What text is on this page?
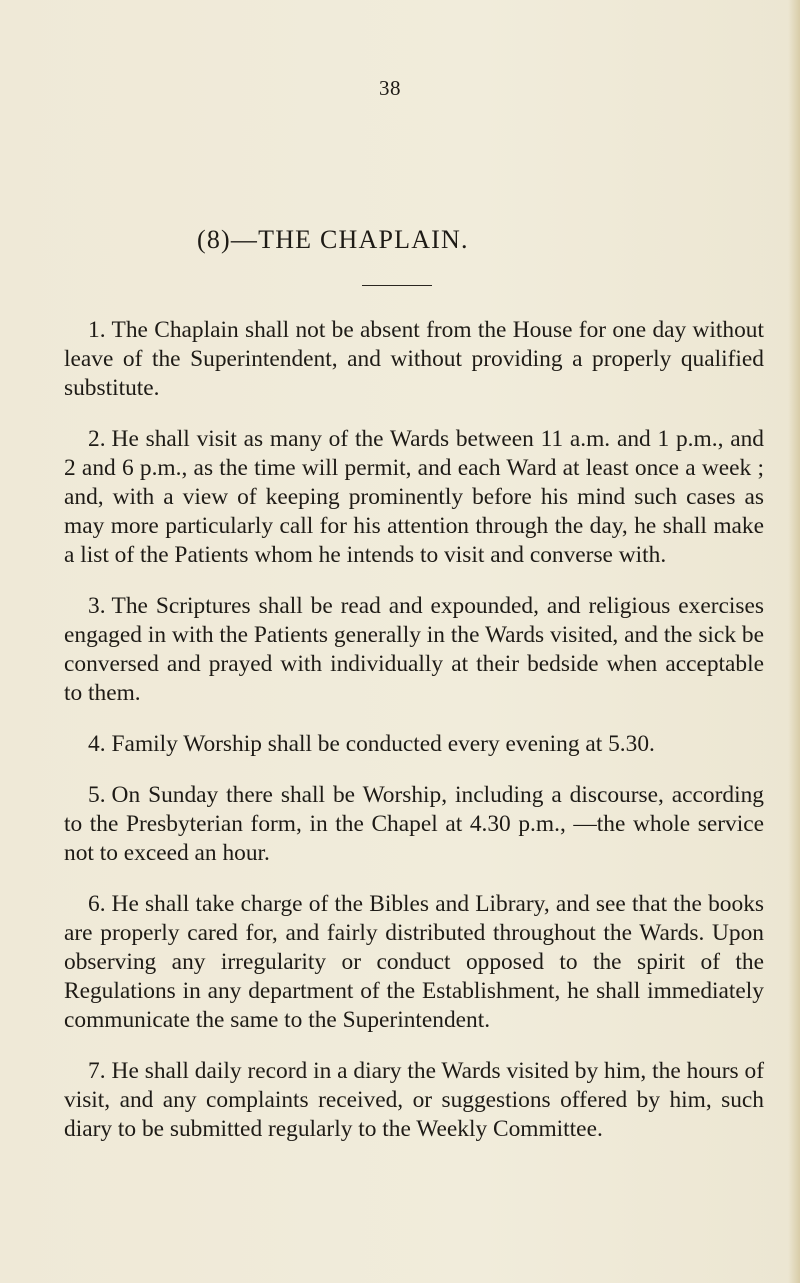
38
(8)—THE CHAPLAIN.

1. The Chaplain shall not be absent from the House for one day without leave of the Superintendent, and without providing a properly qualified substitute.

2. He shall visit as many of the Wards between 11 a.m. and 1 p.m., and 2 and 6 p.m., as the time will permit, and each Ward at least once a week ; and, with a view of keeping prominently before his mind such cases as may more particularly call for his attention through the day, he shall make a list of the Patients whom he intends to visit and converse with.

3. The Scriptures shall be read and expounded, and religious exercises engaged in with the Patients generally in the Wards visited, and the sick be conversed and prayed with individually at their bedside when acceptable to them.

4. Family Worship shall be conducted every evening at 5.30.

5. On Sunday there shall be Worship, including a discourse, according to the Presbyterian form, in the Chapel at 4.30 p.m., —the whole service not to exceed an hour.

6. He shall take charge of the Bibles and Library, and see that the books are properly cared for, and fairly distributed throughout the Wards. Upon observing any irregularity or conduct opposed to the spirit of the Regulations in any department of the Establishment, he shall immediately communicate the same to the Superintendent.

7. He shall daily record in a diary the Wards visited by him, the hours of visit, and any complaints received, or suggestions offered by him, such diary to be submitted regularly to the Weekly Committee.
